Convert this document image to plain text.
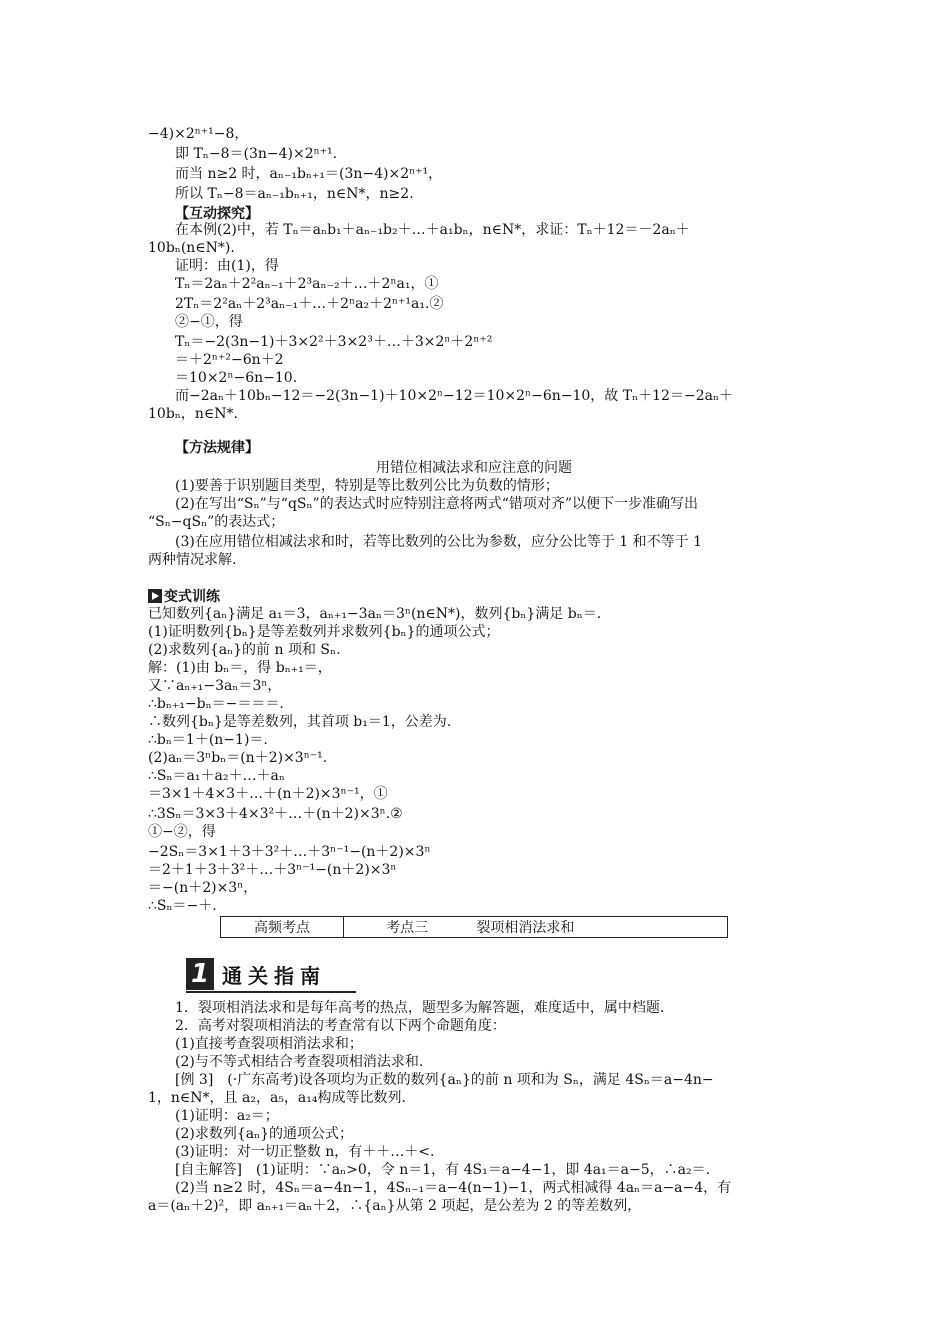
−4)×2ⁿ⁺¹−8，
即 Tₙ−8＝(3n−4)×2ⁿ⁺¹.
而当 n≥2 时，aₙ₋₁bₙ₊₁＝(3n−4)×2ⁿ⁺¹，
所以 Tₙ−8＝aₙ₋₁bₙ₊₁，n∈N*，n≥2.
【互动探究】
在本例(2)中，若 Tₙ＝aₙb₁＋aₙ₋₁b₂＋…＋a₁bₙ，n∈N*，求证：Tₙ＋12＝－2aₙ＋
10bₙ(n∈N*).
证明：由(1)，得
Tₙ＝2aₙ＋2²aₙ₋₁＋2³aₙ₋₂＋…＋2ⁿa₁，①
2Tₙ＝2²aₙ＋2³aₙ₋₁＋…＋2ⁿa₂＋2ⁿ⁺¹a₁.②
②−①，得
Tₙ＝−2(3n−1)＋3×2²＋3×2³＋…＋3×2ⁿ＋2ⁿ⁺²
＝＋2ⁿ⁺²−6n＋2
＝10×2ⁿ−6n−10.
而−2aₙ＋10bₙ−12＝−2(3n−1)＋10×2ⁿ−12＝10×2ⁿ−6n−10，故 Tₙ＋12＝−2aₙ＋
10bₙ，n∈N*.
【方法规律】
用错位相减法求和应注意的问题
(1)要善于识别题目类型，特别是等比数列公比为负数的情形；
(2)在写出“Sₙ”与“qSₙ”的表达式时应特别注意将两式“错项对齐”以便下一步准确写出
“Sₙ−qSₙ”的表达式；
(3)在应用错位相减法求和时，若等比数列的公比为参数，应分公比等于 1 和不等于 1
两种情况求解.
变式训练
已知数列{aₙ}满足 a₁＝3，aₙ₊₁−3aₙ＝3ⁿ(n∈N*)，数列{bₙ}满足 bₙ＝.
(1)证明数列{bₙ}是等差数列并求数列{bₙ}的通项公式；
(2)求数列{aₙ}的前 n 项和 Sₙ.
解：(1)由 bₙ＝，得 bₙ₊₁＝，
又∵aₙ₊₁−3aₙ＝3ⁿ，
∴bₙ₊₁−bₙ＝−＝＝＝.
∴数列{bₙ}是等差数列，其首项 b₁＝1，公差为.
∴bₙ＝1＋(n−1)＝.
(2)aₙ＝3ⁿbₙ＝(n＋2)×3ⁿ⁻¹.
∴Sₙ＝a₁＋a₂＋…＋aₙ
＝3×1＋4×3＋…＋(n＋2)×3ⁿ⁻¹，①
∴3Sₙ＝3×3＋4×3²＋…＋(n＋2)×3ⁿ.②
①−②，得
−2Sₙ＝3×1＋3＋3²＋…＋3ⁿ⁻¹−(n＋2)×3ⁿ
＝2＋1＋3＋3²＋…＋3ⁿ⁻¹−(n＋2)×3ⁿ
＝−(n＋2)×3ⁿ，
∴Sₙ＝−＋.
高频考点	考点三	裂项相消法求和
1 通关指南
1．裂项相消法求和是每年高考的热点，题型多为解答题，难度适中，属中档题.
2．高考对裂项相消法的考查常有以下两个命题角度：
(1)直接考查裂项相消法求和；
(2)与不等式相结合考查裂项相消法求和.
[例 3]　(·广东高考)设各项均为正数的数列{aₙ}的前 n 项和为 Sₙ，满足 4Sₙ＝a−4n−
1，n∈N*，且 a₂，a₅，a₁₄构成等比数列.
(1)证明：a₂＝；
(2)求数列{aₙ}的通项公式；
(3)证明：对一切正整数 n，有＋＋…＋<.
[自主解答]　(1)证明：∵aₙ>0，令 n＝1，有 4S₁＝a−4−1，即 4a₁＝a−5，∴a₂＝.
(2)当 n≥2 时，4Sₙ＝a−4n−1，4Sₙ₋₁＝a−4(n−1)−1，两式相减得 4aₙ＝a−a−4，有
a＝(aₙ＋2)²，即 aₙ₊₁＝aₙ＋2，∴{aₙ}从第 2 项起，是公差为 2 的等差数列，
